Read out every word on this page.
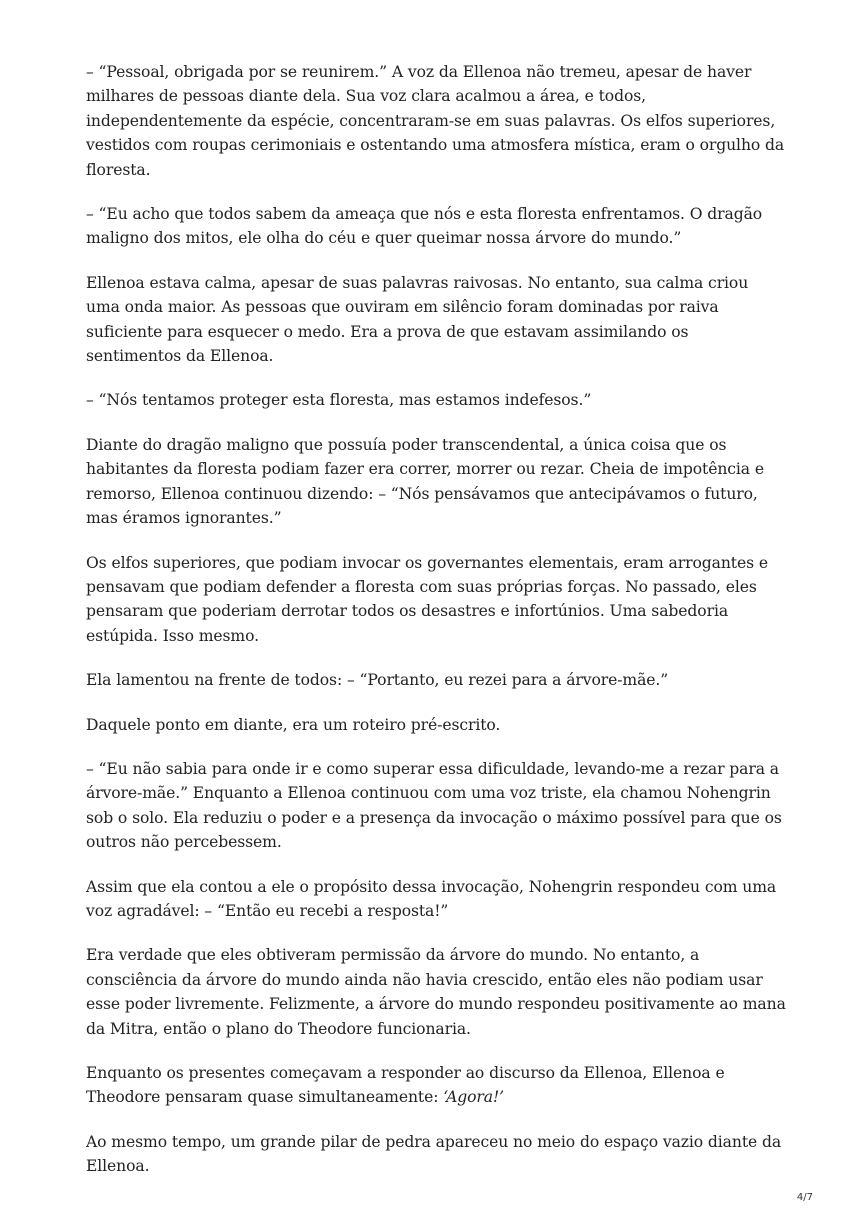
– “Pessoal, obrigada por se reunirem.” A voz da Ellenoa não tremeu, apesar de haver milhares de pessoas diante dela. Sua voz clara acalmou a área, e todos, independentemente da espécie, concentraram-se em suas palavras. Os elfos superiores, vestidos com roupas cerimoniais e ostentando uma atmosfera mística, eram o orgulho da floresta.

– “Eu acho que todos sabem da ameaça que nós e esta floresta enfrentamos. O dragão maligno dos mitos, ele olha do céu e quer queimar nossa árvore do mundo.”

Ellenoa estava calma, apesar de suas palavras raivosas. No entanto, sua calma criou uma onda maior. As pessoas que ouviram em silêncio foram dominadas por raiva suficiente para esquecer o medo. Era a prova de que estavam assimilando os sentimentos da Ellenoa.

– “Nós tentamos proteger esta floresta, mas estamos indefesos.”

Diante do dragão maligno que possuía poder transcendental, a única coisa que os habitantes da floresta podiam fazer era correr, morrer ou rezar. Cheia de impotência e remorso, Ellenoa continuou dizendo: – “Nós pensávamos que antecipávamos o futuro, mas éramos ignorantes.”

Os elfos superiores, que podiam invocar os governantes elementais, eram arrogantes e pensavam que podiam defender a floresta com suas próprias forças. No passado, eles pensaram que poderiam derrotar todos os desastres e infortúnios. Uma sabedoria estúpida. Isso mesmo.

Ela lamentou na frente de todos: – “Portanto, eu rezei para a árvore-mãe.”

Daquele ponto em diante, era um roteiro pré-escrito.

– “Eu não sabia para onde ir e como superar essa dificuldade, levando-me a rezar para a árvore-mãe.” Enquanto a Ellenoa continuou com uma voz triste, ela chamou Nohengrin sob o solo. Ela reduziu o poder e a presença da invocação o máximo possível para que os outros não percebessem.

Assim que ela contou a ele o propósito dessa invocação, Nohengrin respondeu com uma voz agradável: – “Então eu recebi a resposta!”

Era verdade que eles obtiveram permissão da árvore do mundo. No entanto, a consciência da árvore do mundo ainda não havia crescido, então eles não podiam usar esse poder livremente. Felizmente, a árvore do mundo respondeu positivamente ao mana da Mitra, então o plano do Theodore funcionaria.

Enquanto os presentes começavam a responder ao discurso da Ellenoa, Ellenoa e Theodore pensaram quase simultaneamente: ‘Agora!’

Ao mesmo tempo, um grande pilar de pedra apareceu no meio do espaço vazio diante da Ellenoa.

4/7
